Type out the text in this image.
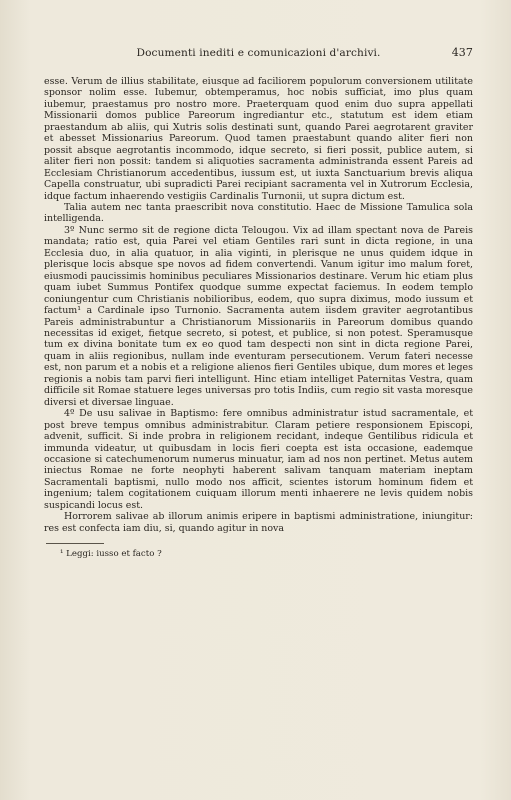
Documenti inediti e comunicazioni d'archivi.	437

esse. Verum de illius stabilitate, eiusque ad faciliorem populorum conversionem utilitate sponsor nolim esse. Iubemur, obtemperamus, hoc nobis sufficiat, imo plus quam iubemur, praestamus pro nostro more. Praeterquam quod enim duo supra appellati Missionarii domos publice Pareorum ingrediantur etc., statutum est idem etiam praestandum ab aliis, qui Xutris solis destinati sunt, quando Parei aegrotarent graviter et abesset Missionarius Pareorum. Quod tamen praestabunt quando aliter fieri non possit absque aegrotantis incommodo, idque secreto, si fieri possit, publice autem, si aliter fieri non possit: tandem si aliquoties sacramenta administranda essent Pareis ad Ecclesiam Christianorum accedentibus, iussum est, ut iuxta Sanctuarium brevis aliqua Capella construatur, ubi supradicti Parei recipiant sacramenta vel in Xutrorum Ecclesia, idque factum inhaerendo vestigiis Cardinalis Turnonii, ut supra dictum est.

Talia autem nec tanta praescribit nova constitutio. Haec de Missione Tamulica sola intelligenda.

3º Nunc sermo sit de regione dicta Telougou. Vix ad illam spectant nova de Pareis mandata; ratio est, quia Parei vel etiam Gentiles rari sunt in dicta regione, in una Ecclesia duo, in alia quatuor, in alia viginti, in plerisque ne unus quidem idque in plerisque locis absque spe novos ad fidem convertendi. Vanum igitur imo malum foret, eiusmodi paucissimis hominibus peculiares Missionarios destinare. Verum hic etiam plus quam iubet Summus Pontifex quodque summe expectat faciemus. In eodem templo coniungentur cum Christianis nobilioribus, eodem, quo supra diximus, modo iussum et factum¹ a Cardinale ipso Turnonio. Sacramenta autem iisdem graviter aegrotantibus Pareis administrabuntur a Christianorum Missionariis in Pareorum domibus quando necessitas id exiget, fietque secreto, si potest, et publice, si non potest. Speramusque tum ex divina bonitate tum ex eo quod tam despecti non sint in dicta regione Parei, quam in aliis regionibus, nullam inde eventuram persecutionem. Verum fateri necesse est, non parum et a nobis et a religione alienos fieri Gentiles ubique, dum mores et leges regionis a nobis tam parvi fieri intelligunt. Hinc etiam intelliget Paternitas Vestra, quam difficile sit Romae statuere leges universas pro totis Indiis, cum regio sit vasta moresque diversi et diversae linguae.

4º De usu salivae in Baptismo: fere omnibus administratur istud sacramentale, et post breve tempus omnibus administrabitur. Claram petiere responsionem Episcopi, advenit, sufficit. Si inde probra in religionem recidant, indeque Gentilibus ridicula et immunda videatur, ut quibusdam in locis fieri coepta est ista occasione, eademque occasione si catechumenorum numerus minuatur, iam ad nos non pertinet. Metus autem iniectus Romae ne forte neophyti haberent salivam tanquam materiam ineptam Sacramentali baptismi, nullo modo nos afficit, scientes istorum hominum fidem et ingenium; talem cogitationem cuiquam illorum menti inhaerere ne levis quidem nobis suspicandi locus est.

Horrorem salivae ab illorum animis eripere in baptismi administratione, iniungitur: res est confecta iam diu, si, quando agitur in nova

¹ Leggi: iusso et facto ?
